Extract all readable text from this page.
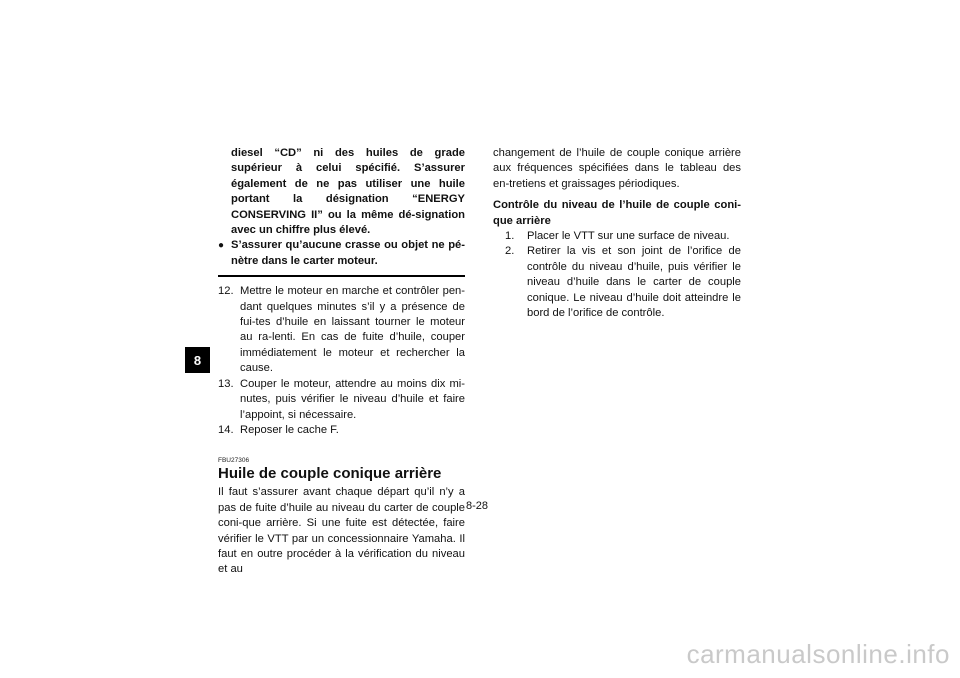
8
diesel “CD” ni des huiles de grade supérieur à celui spécifié. S’assurer également de ne pas utiliser une huile portant la désignation “ENERGY CONSERVING II” ou la même dé-signation avec un chiffre plus élevé.
● S’assurer qu’aucune crasse ou objet ne pé-nètre dans le carter moteur.
12. Mettre le moteur en marche et contrôler pen-dant quelques minutes s’il y a présence de fui-tes d’huile en laissant tourner le moteur au ra-lenti. En cas de fuite d’huile, couper immédiatement le moteur et rechercher la cause.
13. Couper le moteur, attendre au moins dix mi-nutes, puis vérifier le niveau d’huile et faire l’appoint, si nécessaire.
14. Reposer le cache F.
FBU27306
Huile de couple conique arrière
Il faut s’assurer avant chaque départ qu’il n’y a pas de fuite d’huile au niveau du carter de couple coni-que arrière. Si une fuite est détectée, faire vérifier le VTT par un concessionnaire Yamaha. Il faut en outre procéder à la vérification du niveau et au
changement de l’huile de couple conique arrière aux fréquences spécifiées dans le tableau des en-tretiens et graissages périodiques.
Contrôle du niveau de l’huile de couple coni-que arrière
1.	Placer le VTT sur une surface de niveau.
2.	Retirer la vis et son joint de l’orifice de contrôle du niveau d’huile, puis vérifier le niveau d’huile dans le carter de couple conique. Le niveau d’huile doit atteindre le bord de l’orifice de contrôle.
8-28
carmanualsonline.info
